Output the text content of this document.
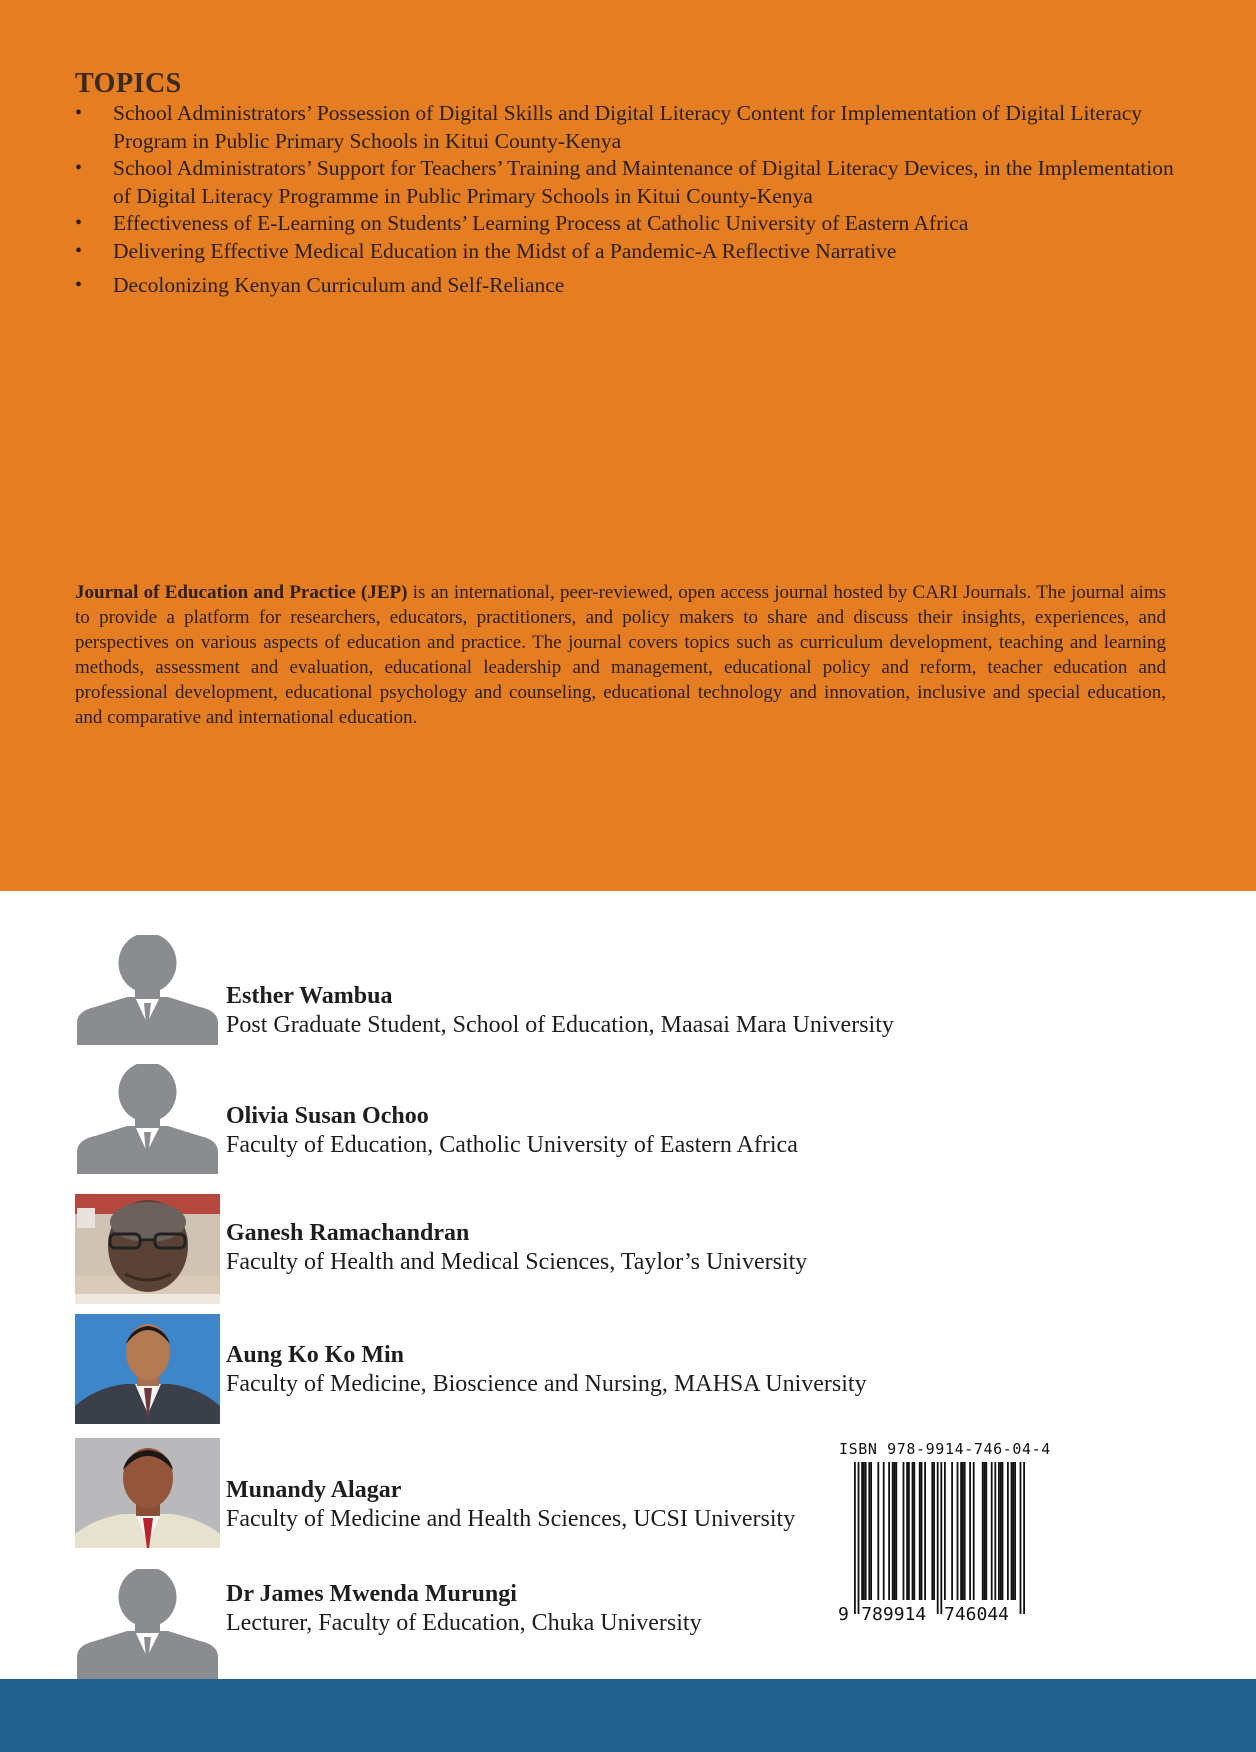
TOPICS
• School Administrators’ Possession of Digital Skills and Digital Literacy Content for Implementation of Digital Literacy Program in Public Primary Schools in Kitui County-Kenya
• School Administrators’ Support for Teachers’ Training and Maintenance of Digital Literacy Devices, in the Implementation of Digital Literacy Programme in Public Primary Schools in Kitui County-Kenya
• Effectiveness of E-Learning on Students’ Learning Process at Catholic University of Eastern Africa
• Delivering Effective Medical Education in the Midst of a Pandemic-A Reflective Narrative
• Decolonizing Kenyan Curriculum and Self-Reliance
Journal of Education and Practice (JEP) is an international, peer-reviewed, open access journal hosted by CARI Journals. The journal aims to provide a platform for researchers, educators, practitioners, and policy makers to share and discuss their insights, experiences, and perspectives on various aspects of education and practice. The journal covers topics such as curriculum development, teaching and learning methods, assessment and evaluation, educational leadership and management, educational policy and reform, teacher education and professional development, educational psychology and counseling, educational technology and innovation, inclusive and special education, and comparative and international education.
Esther Wambua
Post Graduate Student, School of Education, Maasai Mara University
Olivia Susan Ochoo
Faculty of Education, Catholic University of Eastern Africa
Ganesh Ramachandran
Faculty of Health and Medical Sciences, Taylor’s University
Aung Ko Ko Min
Faculty of Medicine, Bioscience and Nursing, MAHSA University
Munandy Alagar
Faculty of Medicine and Health Sciences, UCSI University
Dr James Mwenda Murungi
Lecturer, Faculty of Education, Chuka University
ISBN 978-9914-746-04-4
9 789914 746044
